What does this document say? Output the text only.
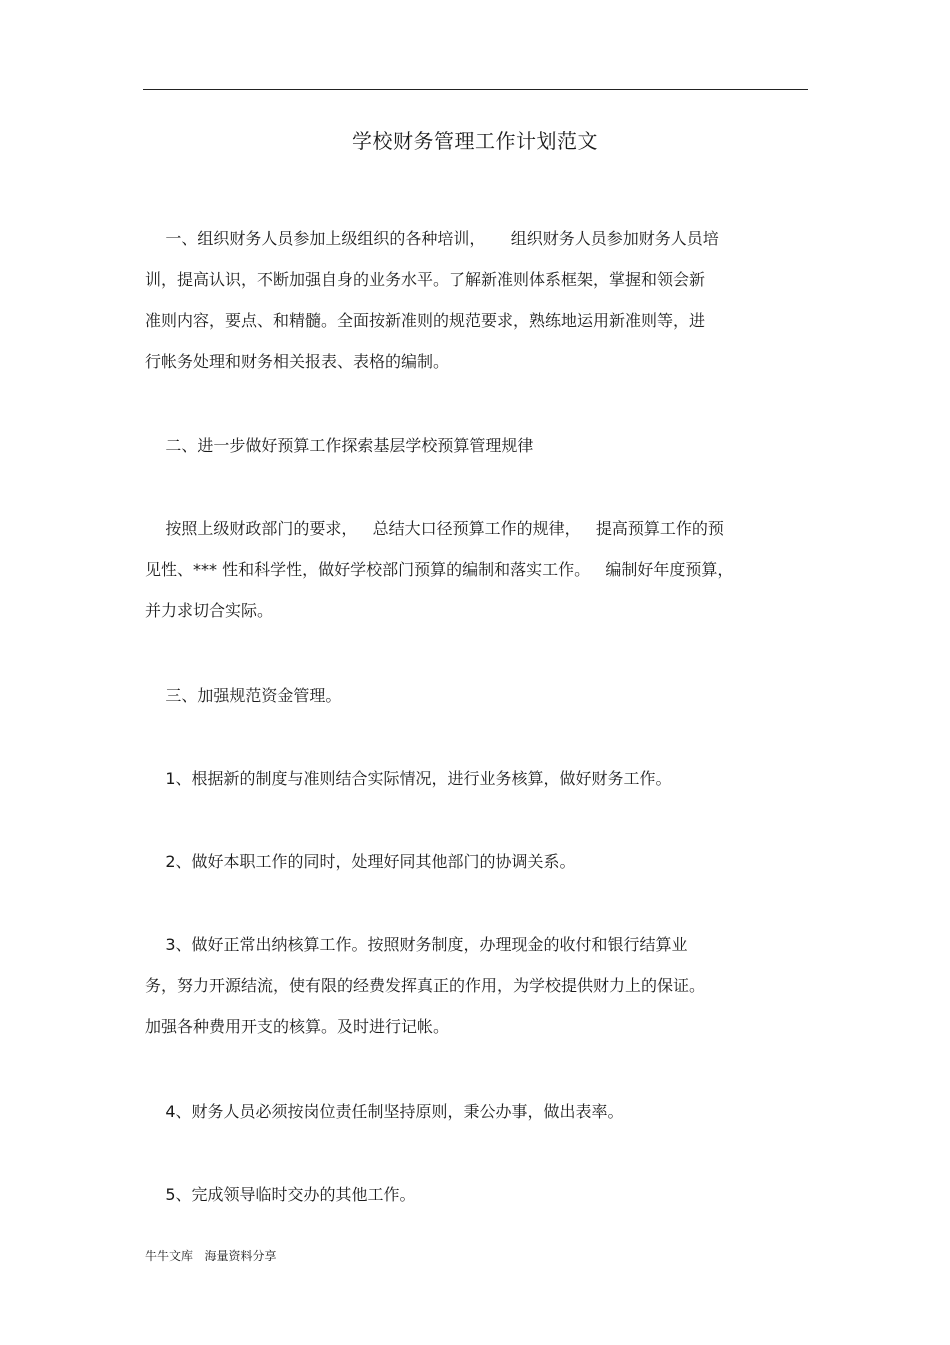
学校财务管理工作计划范文
一、组织财务人员参加上级组织的各种培训，     组织财务人员参加财务人员培
训，提高认识，不断加强自身的业务水平。了解新准则体系框架，掌握和领会新
准则内容，要点、和精髓。全面按新准则的规范要求，熟练地运用新准则等，进
行帐务处理和财务相关报表、表格的编制。
二、进一步做好预算工作探索基层学校预算管理规律
按照上级财政部门的要求，   总结大口径预算工作的规律，   提高预算工作的预
见性、*** 性和科学性，做好学校部门预算的编制和落实工作。   编制好年度预算，
并力求切合实际。
三、加强规范资金管理。
1、根据新的制度与准则结合实际情况，进行业务核算，做好财务工作。
2、做好本职工作的同时，处理好同其他部门的协调关系。
3、做好正常出纳核算工作。按照财务制度，办理现金的收付和银行结算业
务，努力开源结流，使有限的经费发挥真正的作用，为学校提供财力上的保证。
加强各种费用开支的核算。及时进行记帐。
4、财务人员必须按岗位责任制坚持原则，秉公办事，做出表率。
5、完成领导临时交办的其他工作。
牛牛文库   海量资料分享
